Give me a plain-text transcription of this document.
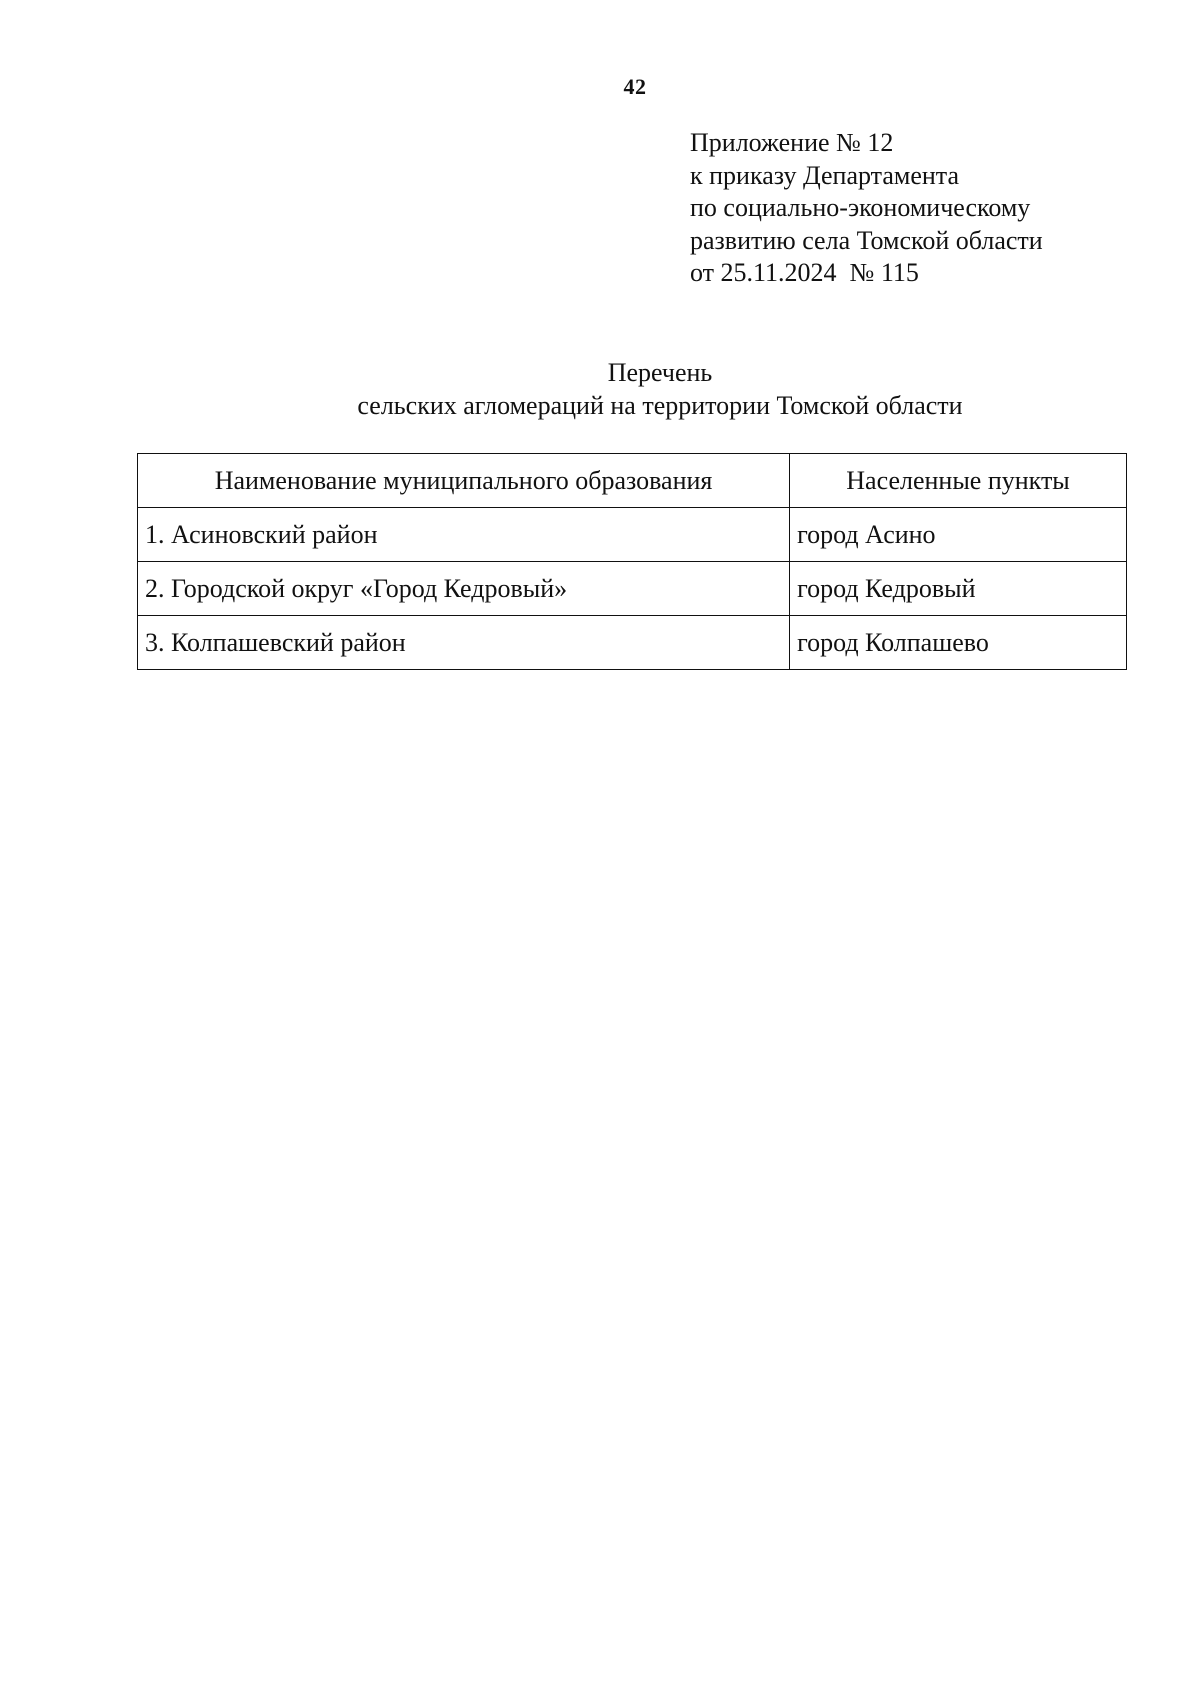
42
Приложение № 12
к приказу Департамента
по социально-экономическому
развитию села Томской области
от 25.11.2024  № 115
Перечень
сельских агломераций на территории Томской области
Наименование муниципального образования	Населенные пункты
1. Асиновский район	город Асино
2. Городской округ «Город Кедровый»	город Кедровый
3. Колпашевский район	город Колпашево
